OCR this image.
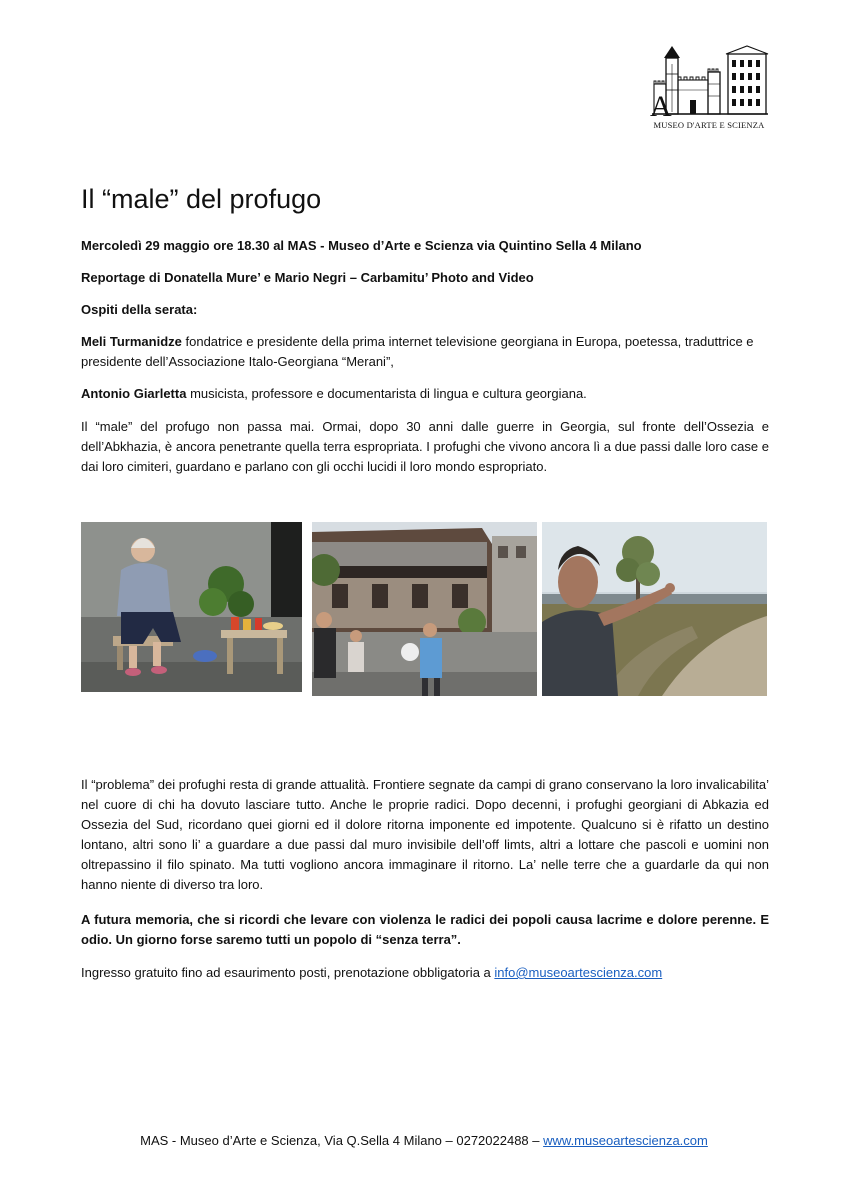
A
MUSEO D'ARTE E SCIENZA
Il “male” del profugo

Mercoledì 29 maggio ore 18.30 al MAS - Museo d’Arte e Scienza via Quintino Sella 4 Milano

Reportage di Donatella Mure’ e Mario Negri – Carbamitu’ Photo and Video

Ospiti della serata:

Meli Turmanidze fondatrice e presidente della prima internet televisione georgiana in Europa, poetessa, traduttrice e presidente dell’Associazione Italo-Georgiana “Merani”,

Antonio Giarletta musicista, professore e documentarista di lingua e cultura georgiana.

Il “male” del profugo non passa mai. Ormai, dopo 30 anni dalle guerre in Georgia, sul fronte dell’Ossezia e dell’Abkhazia, è ancora penetrante quella terra espropriata. I profughi che vivono ancora lì a due passi dalle loro case e dai loro cimiteri, guardano e parlano con gli occhi lucidi il loro mondo espropriato.

Il “problema” dei profughi resta di grande attualità. Frontiere segnate da campi di grano conservano la loro invalicabilita’ nel cuore di chi ha dovuto lasciare tutto. Anche le proprie radici. Dopo decenni, i profughi georgiani di Abkazia ed Ossezia del Sud, ricordano quei giorni ed il dolore ritorna imponente ed impotente. Qualcuno si è rifatto un destino lontano, altri sono li’ a guardare a due passi dal muro invisibile dell’off limts, altri a lottare che pascoli e uomini non oltrepassino il filo spinato. Ma tutti vogliono ancora immaginare il ritorno. La’ nelle terre che a guardarle da qui non hanno niente di diverso tra loro.

A futura memoria, che si ricordi che levare con violenza le radici dei popoli causa lacrime e dolore perenne. E odio. Un giorno forse saremo tutti un popolo di “senza terra”.

Ingresso gratuito fino ad esaurimento posti, prenotazione obbligatoria a info@museoartescienza.com

MAS - Museo d’Arte e Scienza, Via Q.Sella 4 Milano – 0272022488 – www.museoartescienza.com
